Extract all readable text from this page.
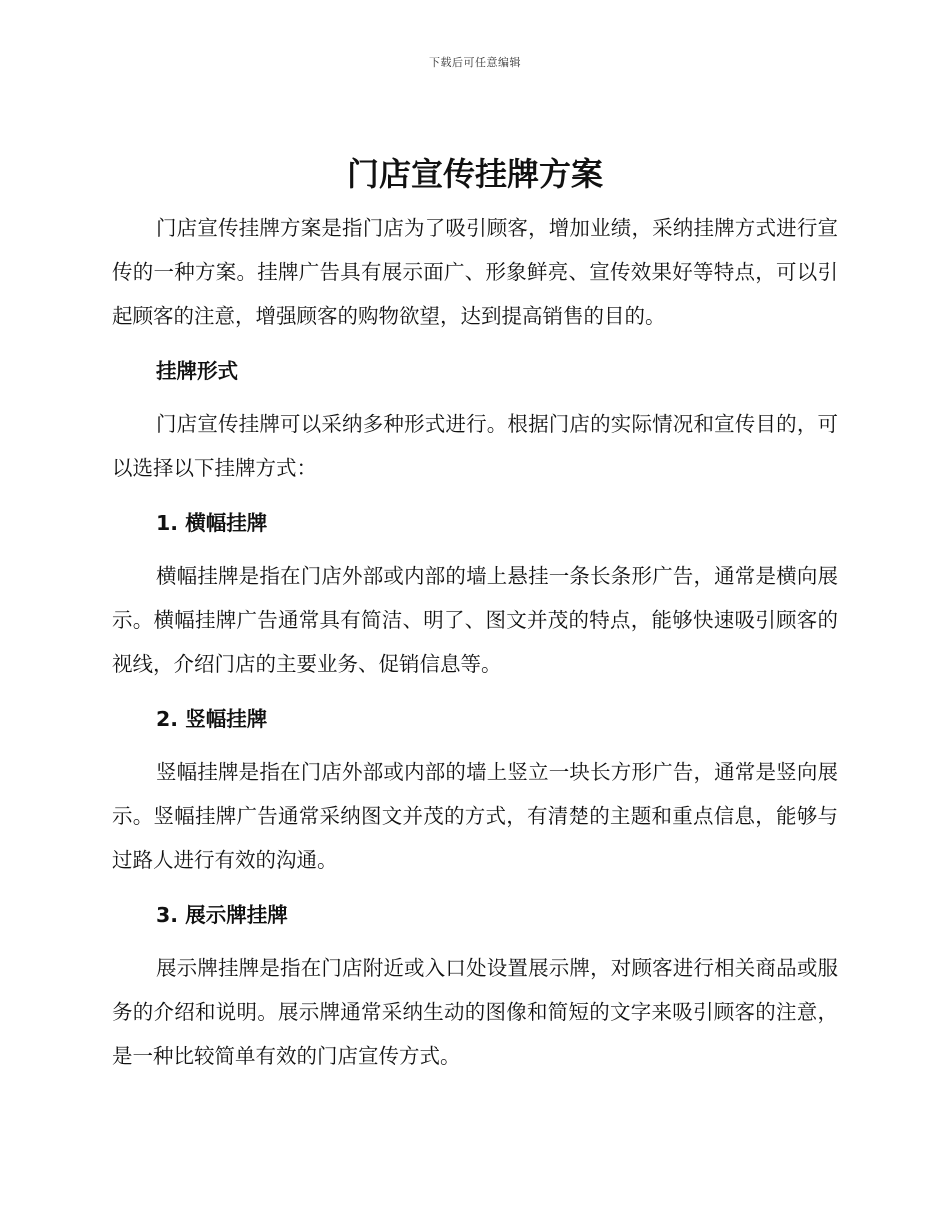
下载后可任意编辑
门店宣传挂牌方案

门店宣传挂牌方案是指门店为了吸引顾客，增加业绩，采纳挂牌方式进行宣传的一种方案。挂牌广告具有展示面广、形象鲜亮、宣传效果好等特点，可以引起顾客的注意，增强顾客的购物欲望，达到提高销售的目的。

挂牌形式

门店宣传挂牌可以采纳多种形式进行。根据门店的实际情况和宣传目的，可以选择以下挂牌方式：

1. 横幅挂牌

横幅挂牌是指在门店外部或内部的墙上悬挂一条长条形广告，通常是横向展示。横幅挂牌广告通常具有简洁、明了、图文并茂的特点，能够快速吸引顾客的视线，介绍门店的主要业务、促销信息等。

2. 竖幅挂牌

竖幅挂牌是指在门店外部或内部的墙上竖立一块长方形广告，通常是竖向展示。竖幅挂牌广告通常采纳图文并茂的方式，有清楚的主题和重点信息，能够与过路人进行有效的沟通。

3. 展示牌挂牌

展示牌挂牌是指在门店附近或入口处设置展示牌，对顾客进行相关商品或服务的介绍和说明。展示牌通常采纳生动的图像和简短的文字来吸引顾客的注意，是一种比较简单有效的门店宣传方式。
